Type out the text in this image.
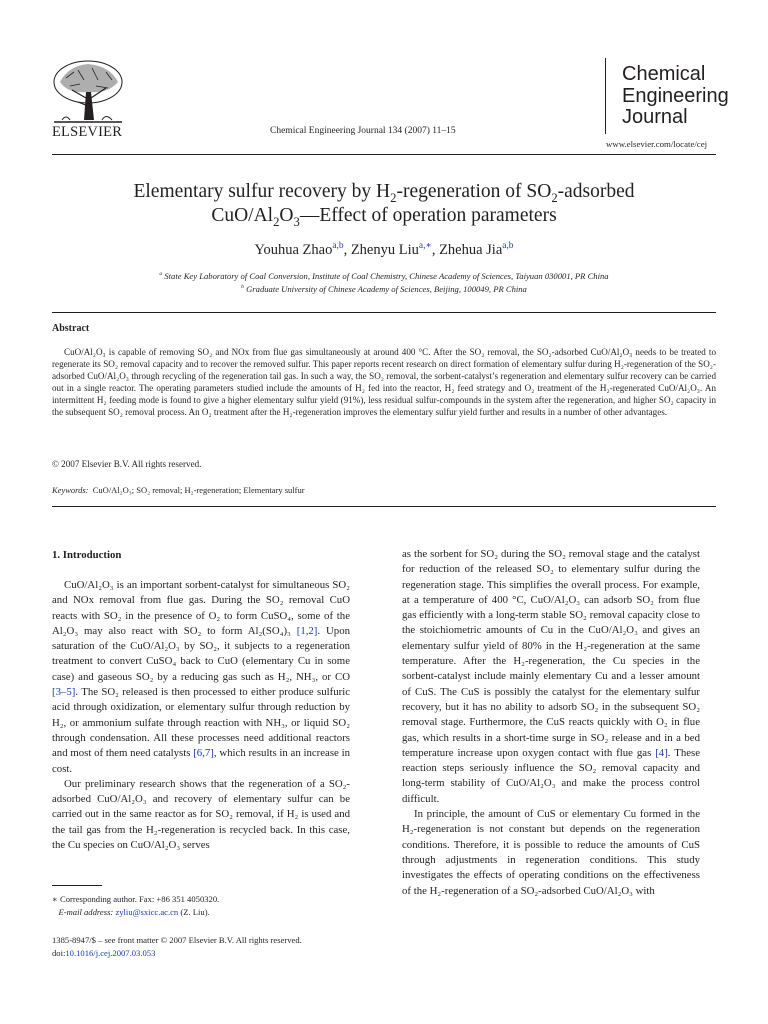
ELSEVIER	Chemical Engineering Journal 134 (2007) 11–15
Chemical
Engineering
Journal
www.elsevier.com/locate/cej
Elementary sulfur recovery by $H_2$-regeneration of $SO_2$-adsorbed
CuO/$Al_2O_3—Effect$ of operation parameters
Youhua Zhao$^{a,b}$, Zhenyu Liu$^{a,∗}$, Zhehua Jia$^{a,b}$
$^a$ State Key Laboratory of Coal Conversion, Institute of Coal Chemistry, Chinese Academy of Sciences, Taiyuan 030001, PR China
$^b$ Graduate University of Chinese Academy of Sciences, Beijing, 100049, PR China
Abstract

CuO/Al₂O₃ is capable of removing SO₂ and NOx from flue gas simultaneously at around 400 °C. After the SO₂ removal, the SO₂-adsorbed CuO/Al₂O₃ needs to be treated to regenerate its SO₂ removal capacity and to recover the removed sulfur. This paper reports recent research on direct formation of elementary sulfur during H₂-regeneration of the SO₂-adsorbed CuO/Al₂O₃ through recycling of the regeneration tail gas. In such a way, the SO₂ removal, the sorbent-catalyst’s regeneration and elementary sulfur recovery can be carried out in a single reactor. The operating parameters studied include the amounts of H₂ fed into the reactor, H₂ feed strategy and O₂ treatment of the H₂-regenerated CuO/Al₂O₃. An intermittent H₂ feeding mode is found to give a higher elementary sulfur yield (91%), less residual sulfur-compounds in the system after the regeneration, and higher SO₂ capacity in the subsequent SO₂ removal process. An O₂ treatment after the H₂-regeneration improves the elementary sulfur yield further and results in a number of other advantages.

© 2007 Elsevier B.V. All rights reserved.
Keywords: CuO/Al₂O₃; SO₂ removal; H₂-regeneration; Elementary sulfur
1. Introduction

CuO/Al₂O₃ is an important sorbent-catalyst for simultaneous SO₂ and NOx removal from flue gas. During the SO₂ removal CuO reacts with SO₂ in the presence of O₂ to form CuSO₄, some of the Al₂O₃ may also react with SO₂ to form Al₂(SO₄)₃ [1,2]. Upon saturation of the CuO/Al₂O₃ by SO₂, it subjects to a regeneration treatment to convert CuSO₄ back to CuO (elementary Cu in some case) and gaseous SO₂ by a reducing gas such as H₂, NH₃, or CO [3–5]. The SO₂ released is then processed to either produce sulfuric acid through oxidization, or elementary sulfur through reduction by H₂, or ammonium sulfate through reaction with NH₃, or liquid SO₂ through condensation. All these processes need additional reactors and most of them need catalysts [6,7], which results in an increase in cost.

Our preliminary research shows that the regeneration of a SO₂-adsorbed CuO/Al₂O₃ and recovery of elementary sulfur can be carried out in the same reactor as for SO₂ removal, if H₂ is used and the tail gas from the H₂-regeneration is recycled back. In this case, the Cu species on CuO/Al₂O₃ serves

as the sorbent for SO₂ during the SO₂ removal stage and the catalyst for reduction of the released SO₂ to elementary sulfur during the regeneration stage. This simplifies the overall process. For example, at a temperature of 400 °C, CuO/Al₂O₃ can adsorb SO₂ from flue gas efficiently with a long-term stable SO₂ removal capacity close to the stoichiometric amounts of Cu in the CuO/Al₂O₃ and gives an elementary sulfur yield of 80% in the H₂-regeneration at the same temperature. After the H₂-regeneration, the Cu species in the sorbent-catalyst include mainly elementary Cu and a lesser amount of CuS. The CuS is possibly the catalyst for the elementary sulfur recovery, but it has no ability to adsorb SO₂ in the subsequent SO₂ removal stage. Furthermore, the CuS reacts quickly with O₂ in flue gas, which results in a short-time surge in SO₂ release and in a bed temperature increase upon oxygen contact with flue gas [4]. These reaction steps seriously influence the SO₂ removal capacity and long-term stability of CuO/Al₂O₃ and make the process control difficult.

In principle, the amount of CuS or elementary Cu formed in the H₂-regeneration is not constant but depends on the regeneration conditions. Therefore, it is possible to reduce the amounts of CuS through adjustments in regeneration conditions. This study investigates the effects of operating conditions on the effectiveness of the H₂-regeneration of a SO₂-adsorbed CuO/Al₂O₃ with

∗ Corresponding author. Fax: +86 351 4050320.
E-mail address: zyliu@sxicc.ac.cn (Z. Liu).
1385-8947/$ – see front matter © 2007 Elsevier B.V. All rights reserved.
doi:10.1016/j.cej.2007.03.053
